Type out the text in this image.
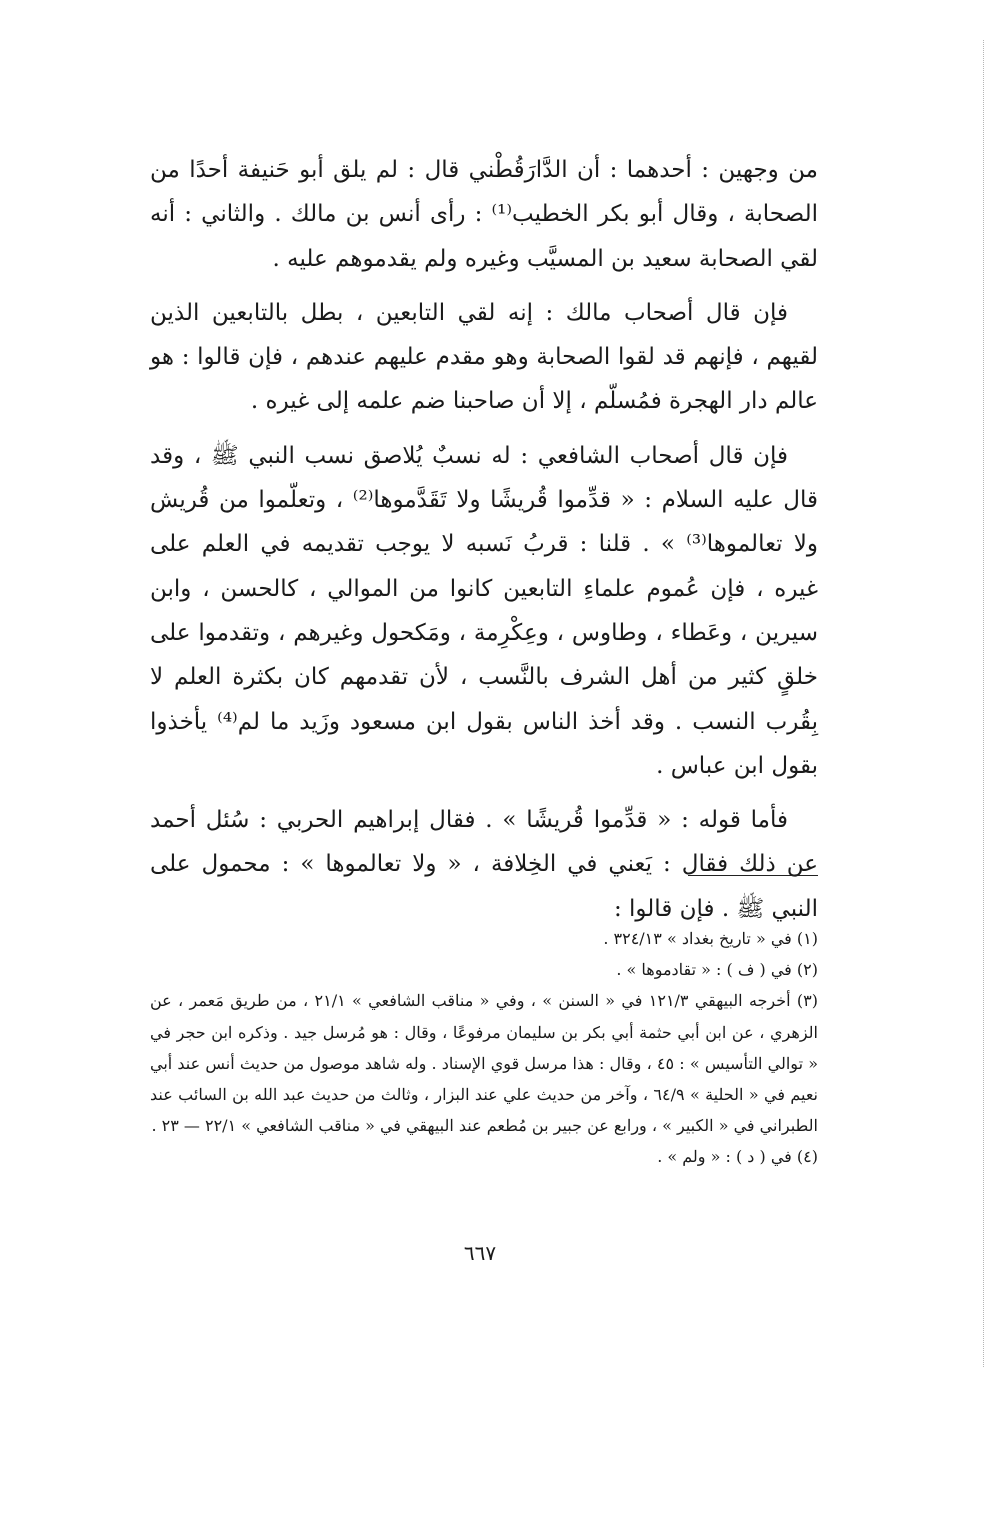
من وجهين : أحدهما : أن الدَّارَقُطْني قال : لم يلق أبو حَنيفة أحدًا من الصحابة ، وقال أبو بكر الخطيب⁽¹⁾ : رأى أنس بن مالك . والثاني : أنه لقي الصحابة سعيد بن المسيَّب وغيره ولم يقدموهم عليه .

فإن قال أصحاب مالك : إنه لقي التابعين ، بطل بالتابعين الذين لقيهم ، فإنهم قد لقوا الصحابة وهو مقدم عليهم عندهم ، فإن قالوا : هو عالم دار الهجرة فمُسلّم ، إلا أن صاحبنا ضم علمه إلى غيره .

فإن قال أصحاب الشافعي : له نسبٌ يُلاصق نسب النبي ﷺ ، وقد قال عليه السلام : « قدِّموا قُريشًا ولا تَقَدَّموها⁽²⁾ ، وتعلّموا من قُريش ولا تعالموها⁽³⁾ » . قلنا : قربُ نَسبه لا يوجب تقديمه في العلم على غيره ، فإن عُموم علماءِ التابعين كانوا من الموالي ، كالحسن ، وابن سيرين ، وعَطاء ، وطاوس ، وعِكْرِمة ، ومَكحول وغيرهم ، وتقدموا على خلقٍ كثير من أهل الشرف بالنَّسب ، لأن تقدمهم كان بكثرة العلم لا بِقُرب النسب . وقد أخذ الناس بقول ابن مسعود وزَيد ما لم⁽⁴⁾ يأخذوا بقول ابن عباس .

فأما قوله : « قدِّموا قُريشًا » . فقال إبراهيم الحربي : سُئل أحمد عن ذلك فقال : يَعني في الخِلافة ، « ولا تعالموها » : محمول على النبي ﷺ . فإن قالوا :

(١) في « تاريخ بغداد » ٣٢٤/١٣ .

(٢) في ( ف ) : « تقادموها » .

(٣) أخرجه البيهقي ١٢١/٣ في « السنن » ، وفي « مناقب الشافعي » ٢١/١ ، من طريق مَعمر ، عن الزهري ، عن ابن أبي حثمة أبي بكر بن سليمان مرفوعًا ، وقال : هو مُرسل جيد . وذكره ابن حجر في « توالي التأسيس » : ٤٥ ، وقال : هذا مرسل قوي الإسناد . وله شاهد موصول من حديث أنس عند أبي نعيم في « الحلية » ٦٤/٩ ، وآخر من حديث علي عند البزار ، وثالث من حديث عبد الله بن السائب عند الطبراني في « الكبير » ، ورابع عن جبير بن مُطعم عند البيهقي في « مناقب الشافعي » ٢٢/١ — ٢٣ .

(٤) في ( د ) : « ولم » .

٦٦٧
